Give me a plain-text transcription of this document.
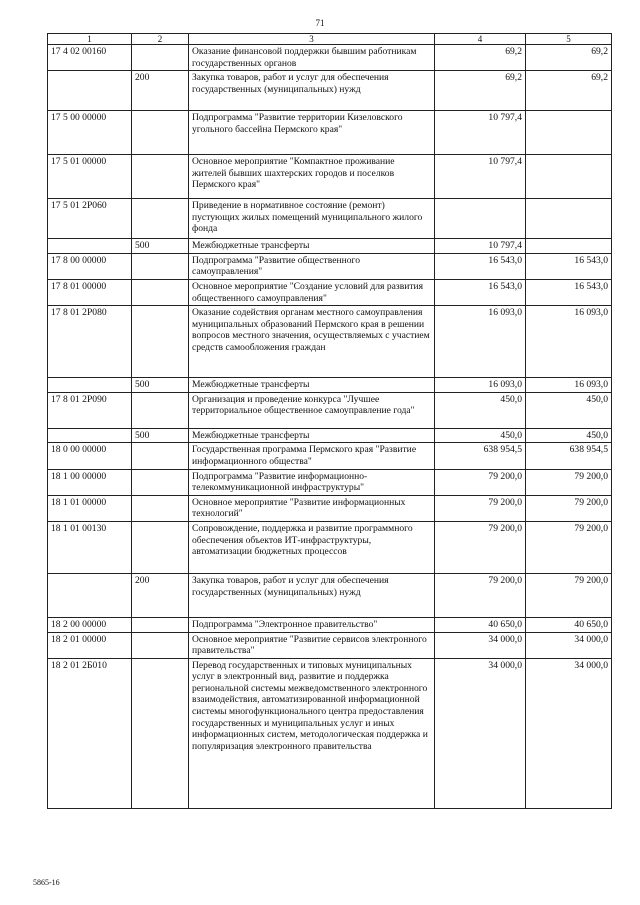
71
1	2	3	4	5
17 4 02 00160		Оказание финансовой поддержки бывшим работникам государственных органов	69,2	69,2
	200	Закупка товаров, работ и услуг для обеспечения государственных (муниципальных) нужд	69,2	69,2
17 5 00 00000		Подпрограмма "Развитие территории Кизеловского угольного бассейна Пермского края"	10 797,4	
17 5 01 00000		Основное мероприятие "Компактное проживание жителей бывших шахтерских городов и поселков Пермского края"	10 797,4	
17 5 01 2Р060		Приведение в нормативное состояние (ремонт) пустующих жилых помещений муниципального жилого фонда		
	500	Межбюджетные трансферты	10 797,4	
17 8 00 00000		Подпрограмма "Развитие общественного самоуправления"	16 543,0	16 543,0
17 8 01 00000		Основное мероприятие "Создание условий для развития общественного самоуправления"	16 543,0	16 543,0
17 8 01 2Р080		Оказание содействия органам местного самоуправления муниципальных образований Пермского края в решении вопросов местного значения, осуществляемых с участием средств самообложения граждан	16 093,0	16 093,0
	500	Межбюджетные трансферты	16 093,0	16 093,0
17 8 01 2Р090		Организация и проведение конкурса "Лучшее территориальное общественное самоуправление года"	450,0	450,0
	500	Межбюджетные трансферты	450,0	450,0
18 0 00 00000		Государственная программа Пермского края "Развитие информационного общества"	638 954,5	638 954,5
18 1 00 00000		Подпрограмма "Развитие информационно-телекоммуникационной инфраструктуры"	79 200,0	79 200,0
18 1 01 00000		Основное мероприятие "Развитие информационных технологий"	79 200,0	79 200,0
18 1 01 00130		Сопровождение, поддержка и развитие программного обеспечения объектов ИТ-инфраструктуры, автоматизации бюджетных процессов	79 200,0	79 200,0
	200	Закупка товаров, работ и услуг для обеспечения государственных (муниципальных) нужд	79 200,0	79 200,0
18 2 00 00000		Подпрограмма "Электронное правительство"	40 650,0	40 650,0
18 2 01 00000		Основное мероприятие "Развитие сервисов электронного правительства"	34 000,0	34 000,0
18 2 01 2Б010		Перевод государственных и типовых муниципальных услуг в электронный вид, развитие и поддержка региональной системы межведомственного электронного взаимодействия, автоматизированной информационной системы многофункционального центра предоставления государственных и муниципальных услуг и иных информационных систем, методологическая поддержка и популяризация электронного правительства	34 000,0	34 000,0
5865-16
